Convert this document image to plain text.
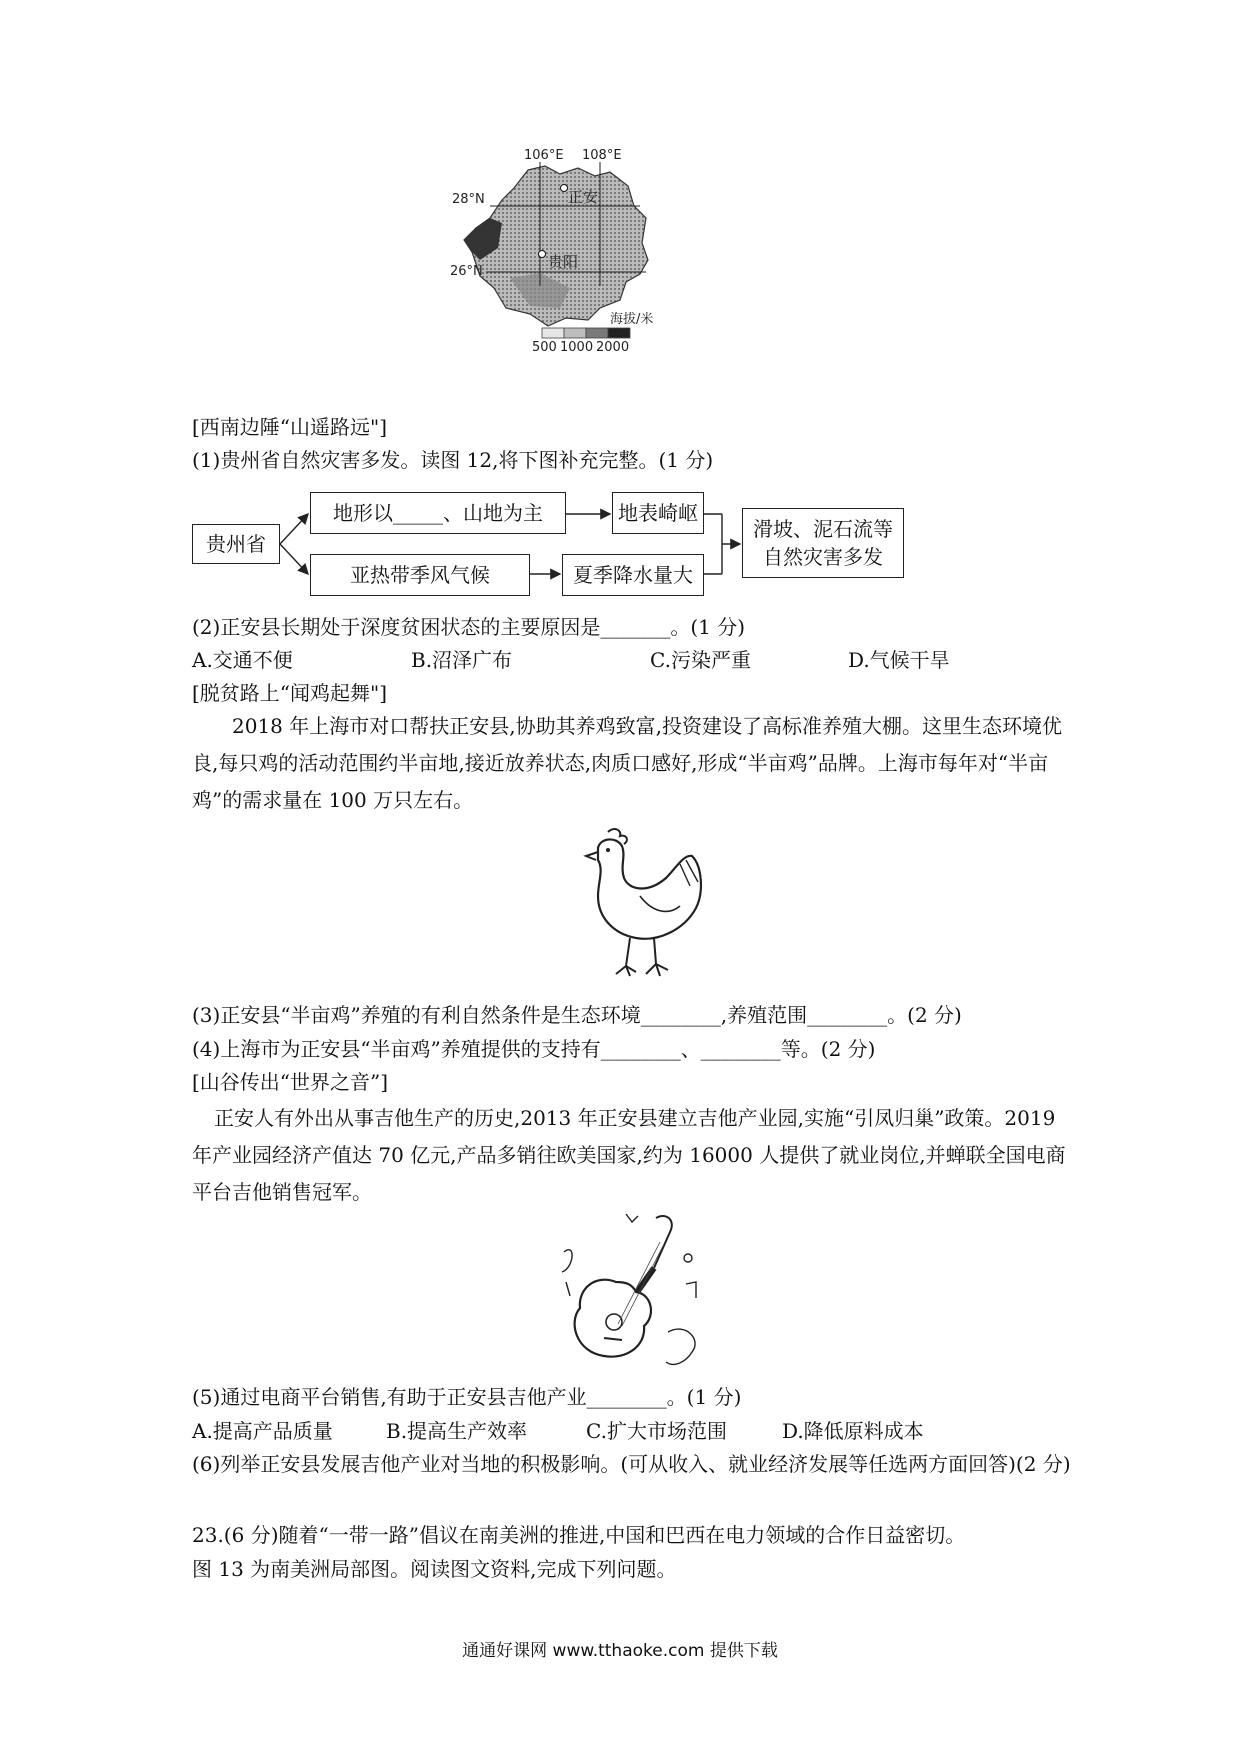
106°E 108°E
28°N
26°N
正安
贵阳
海拔/米
500 1000 2000
[西南边陲“山遥路远"]
(1)贵州省自然灾害多发。读图 12,将下图补充完整。(1 分)
贵州省
地形以_____、山地为主	地表崎岖
亚热带季风气候	夏季降水量大
滑坡、泥石流等
自然灾害多发
(2)正安县长期处于深度贫困状态的主要原因是_______。(1 分)
A.交通不便	B.沼泽广布	C.污染严重	D.气候干旱
[脱贫路上“闻鸡起舞"]
2018 年上海市对口帮扶正安县,协助其养鸡致富,投资建设了高标准养殖大棚。这里生态环境优良,每只鸡的活动范围约半亩地,接近放养状态,肉质口感好,形成“半亩鸡”品牌。上海市每年对“半亩鸡”的需求量在 100 万只左右。
(3)正安县“半亩鸡”养殖的有利自然条件是生态环境________,养殖范围________。(2 分)
(4)上海市为正安县“半亩鸡”养殖提供的支持有________、________等。(2 分)
[山谷传出“世界之音”]
正安人有外出从事吉他生产的历史,2013 年正安县建立吉他产业园,实施“引凤归巢”政策。2019年产业园经济产值达 70 亿元,产品多销往欧美国家,约为 16000 人提供了就业岗位,并蝉联全国电商平台吉他销售冠军。
(5)通过电商平台销售,有助于正安县吉他产业________。(1 分)
A.提高产品质量	B.提高生产效率	C.扩大市场范围	D.降低原料成本
(6)列举正安县发展吉他产业对当地的积极影响。(可从收入、就业经济发展等任选两方面回答)(2 分)
23.(6 分)随着“一带一路”倡议在南美洲的推进,中国和巴西在电力领域的合作日益密切。
图 13 为南美洲局部图。阅读图文资料,完成下列问题。
通通好课网 www.tthaoke.com 提供下载
